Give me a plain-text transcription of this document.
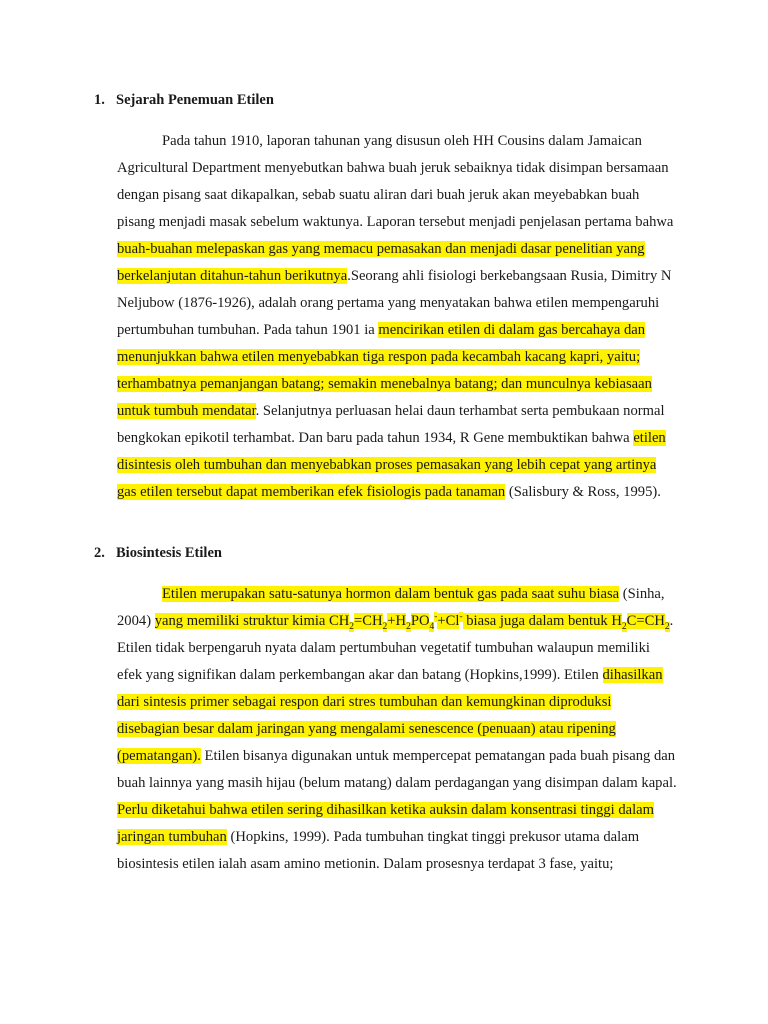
1. Sejarah Penemuan Etilen

Pada tahun 1910, laporan tahunan yang disusun oleh HH Cousins dalam Jamaican Agricultural Department menyebutkan bahwa buah jeruk sebaiknya tidak disimpan bersamaan dengan pisang saat dikapalkan, sebab suatu aliran dari buah jeruk akan meyebabkan buah pisang menjadi masak sebelum waktunya. Laporan tersebut menjadi penjelasan pertama bahwa buah-buahan melepaskan gas yang memacu pemasakan dan menjadi dasar penelitian yang berkelanjutan ditahun-tahun berikutnya.Seorang ahli fisiologi berkebangsaan Rusia, Dimitry N Neljubow (1876-1926), adalah orang pertama yang menyatakan bahwa etilen mempengaruhi pertumbuhan tumbuhan. Pada tahun 1901 ia mencirikan etilen di dalam gas bercahaya dan menunjukkan bahwa etilen menyebabkan tiga respon pada kecambah kacang kapri, yaitu; terhambatnya pemanjangan batang; semakin menebalnya batang; dan munculnya kebiasaan untuk tumbuh mendatar. Selanjutnya perluasan helai daun terhambat serta pembukaan normal bengkokan epikotil terhambat. Dan baru pada tahun 1934, R Gene membuktikan bahwa etilen disintesis oleh tumbuhan dan menyebabkan proses pemasakan yang lebih cepat yang artinya gas etilen tersebut dapat memberikan efek fisiologis pada tanaman (Salisbury & Ross, 1995).

2. Biosintesis Etilen

Etilen merupakan satu-satunya hormon dalam bentuk gas pada saat suhu biasa (Sinha, 2004) yang memiliki struktur kimia $CH_2=CH_2+H_2PO_4^-+Cl^-$ biasa juga dalam bentuk $H_2C=CH_2$. Etilen tidak berpengaruh nyata dalam pertumbuhan vegetatif tumbuhan walaupun memiliki efek yang signifikan dalam perkembangan akar dan batang (Hopkins,1999). Etilen dihasilkan dari sintesis primer sebagai respon dari stres tumbuhan dan kemungkinan diproduksi disebagian besar dalam jaringan yang mengalami senescence (penuaan) atau ripening (pematangan). Etilen bisanya digunakan untuk mempercepat pematangan pada buah pisang dan buah lainnya yang masih hijau (belum matang) dalam perdagangan yang disimpan dalam kapal. Perlu diketahui bahwa etilen sering dihasilkan ketika auksin dalam konsentrasi tinggi dalam jaringan tumbuhan (Hopkins, 1999). Pada tumbuhan tingkat tinggi prekusor utama dalam biosintesis etilen ialah asam amino metionin. Dalam prosesnya terdapat 3 fase, yaitu;
